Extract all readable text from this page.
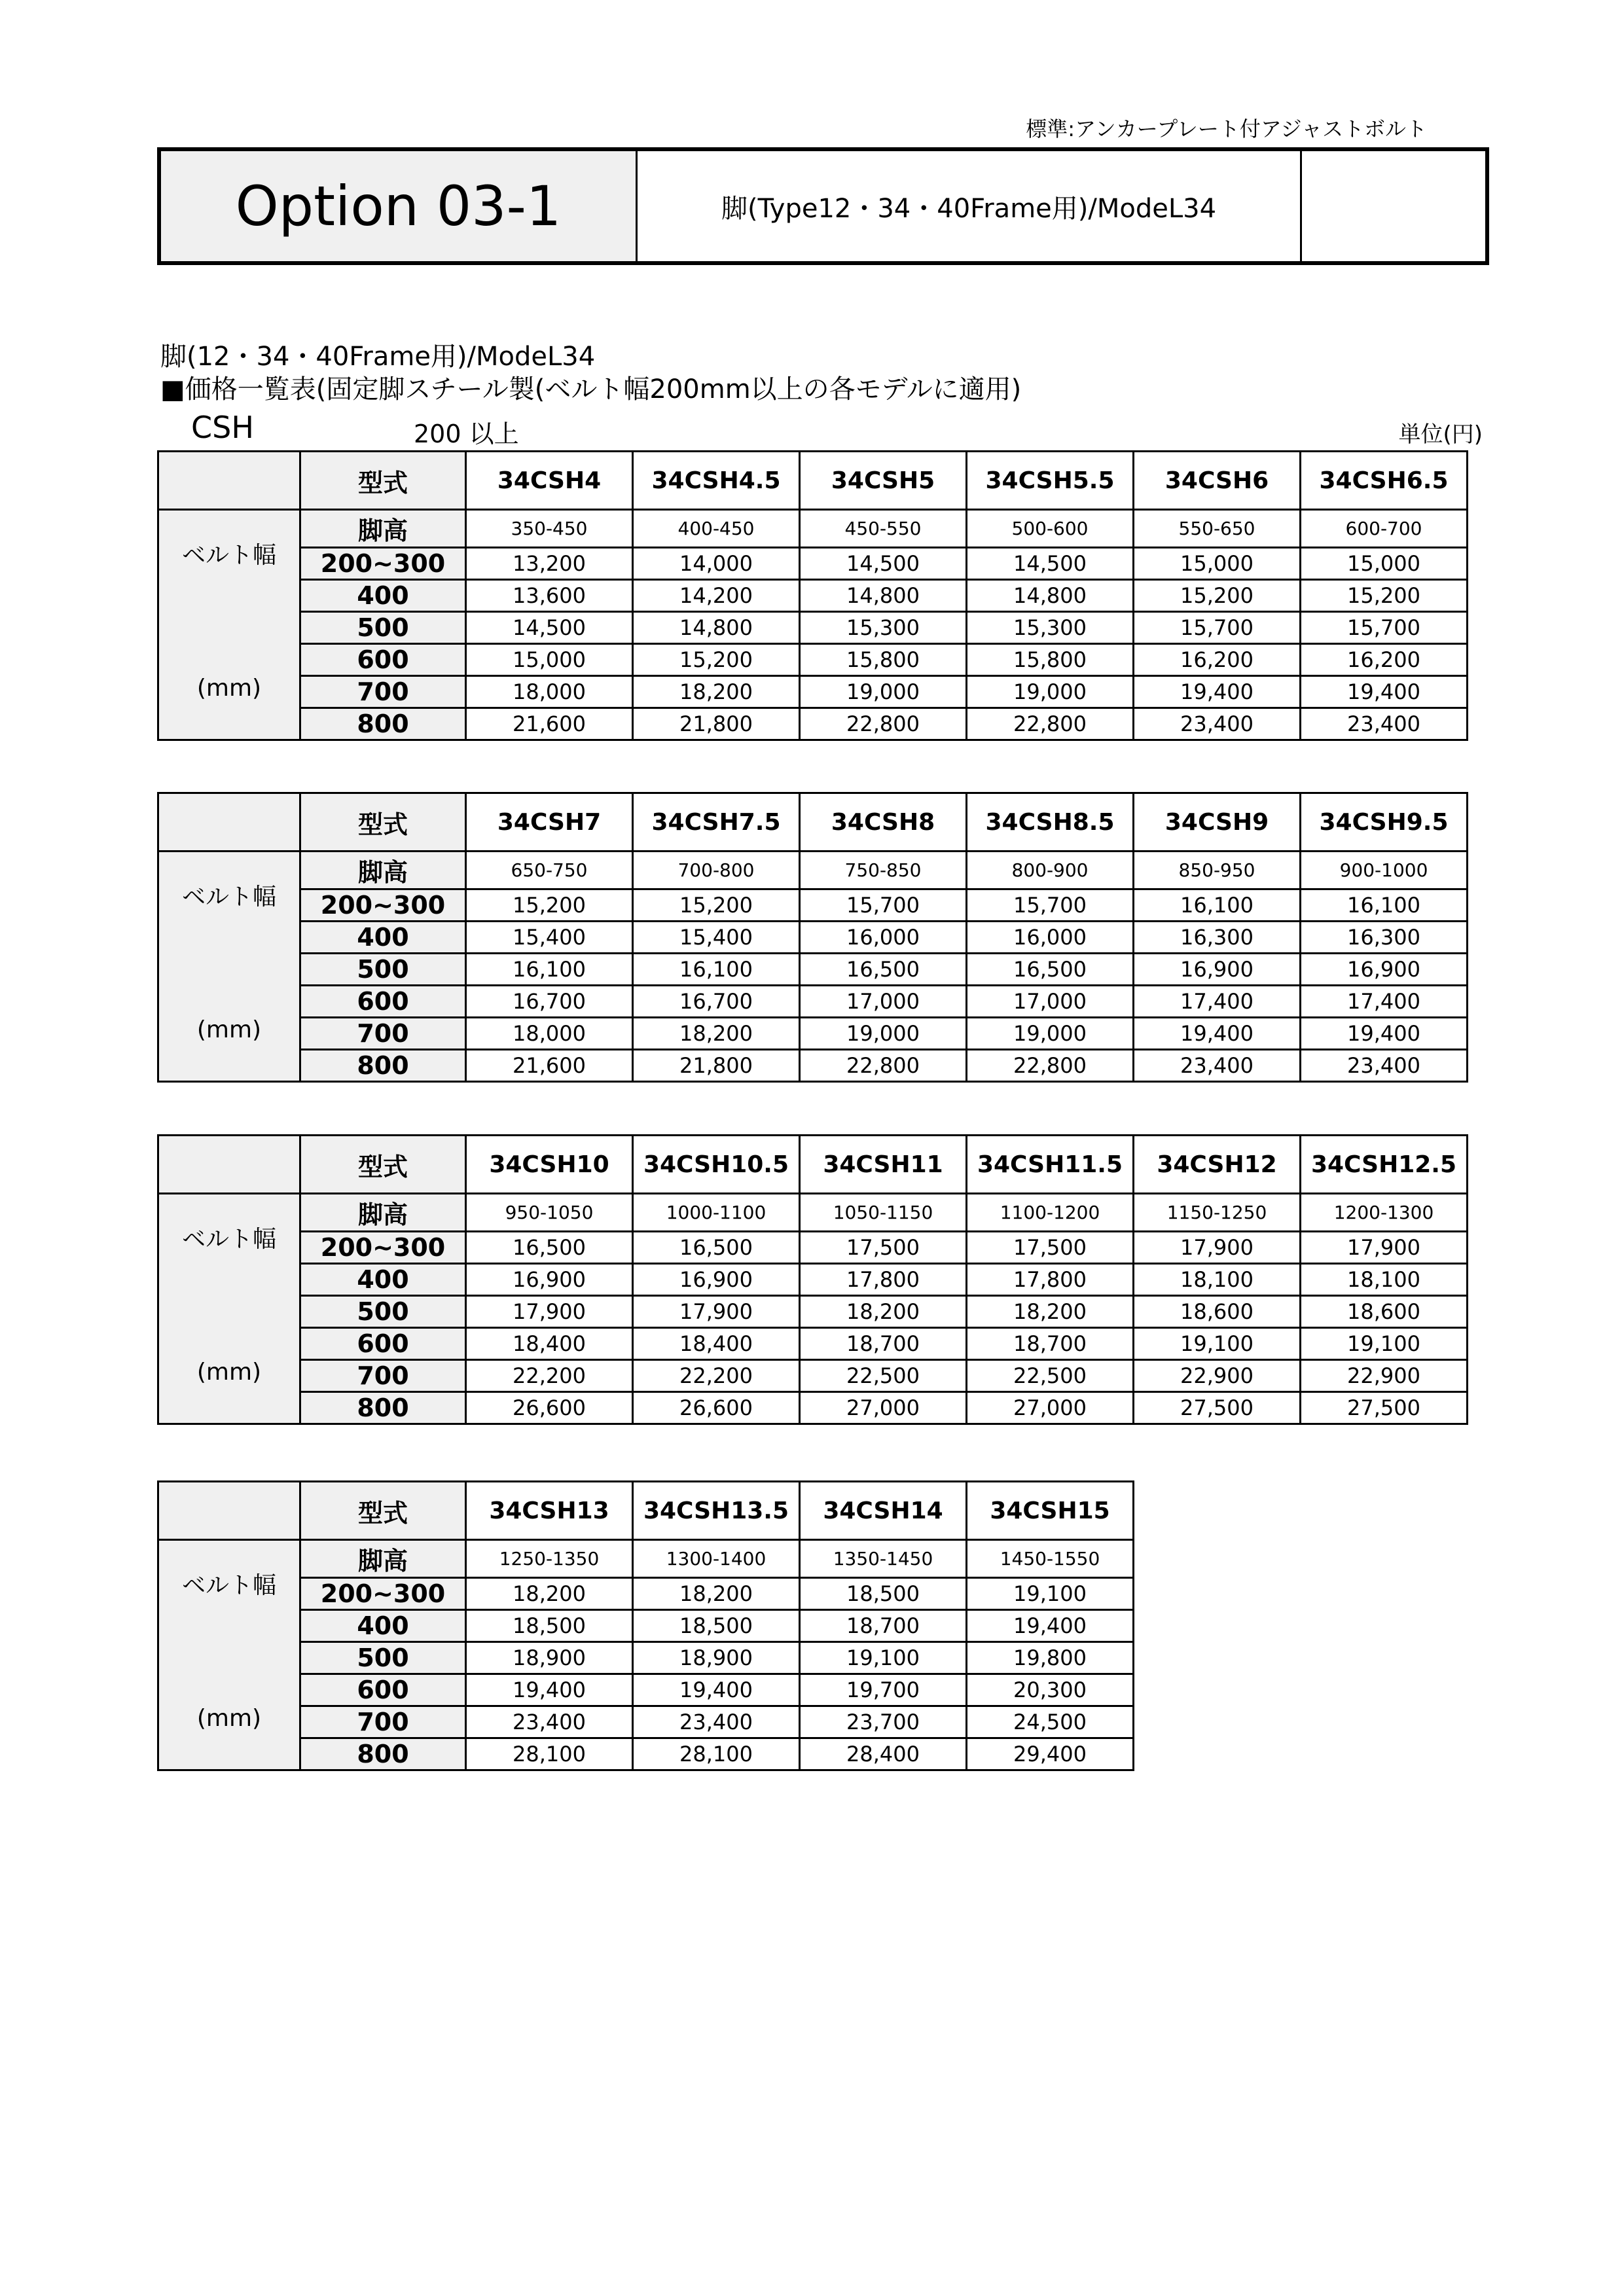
標準:アンカープレート付アジャストボルト
Option 03-1	脚(Type12・34・40Frame用)/ModeL34
脚(12・34・40Frame用)/ModeL34
■価格一覧表(固定脚スチール製(ベルト幅200mm以上の各モデルに適用)
CSH	200 以上	単位(円)
	型式	34CSH4	34CSH4.5	34CSH5	34CSH5.5	34CSH6	34CSH6.5

ベルト幅
(mm)	脚高	350-450	400-450	450-550	500-600	550-650	600-700
	200~300	13,200	14,000	14,500	14,500	15,000	15,000
	400	13,600	14,200	14,800	14,800	15,200	15,200
	500	14,500	14,800	15,300	15,300	15,700	15,700
	600	15,000	15,200	15,800	15,800	16,200	16,200
	700	18,000	18,200	19,000	19,000	19,400	19,400
	800	21,600	21,800	22,800	22,800	23,400	23,400
	型式	34CSH7	34CSH7.5	34CSH8	34CSH8.5	34CSH9	34CSH9.5

ベルト幅
(mm)	脚高	650-750	700-800	750-850	800-900	850-950	900-1000
	200~300	15,200	15,200	15,700	15,700	16,100	16,100
	400	15,400	15,400	16,000	16,000	16,300	16,300
	500	16,100	16,100	16,500	16,500	16,900	16,900
	600	16,700	16,700	17,000	17,000	17,400	17,400
	700	18,000	18,200	19,000	19,000	19,400	19,400
	800	21,600	21,800	22,800	22,800	23,400	23,400
	型式	34CSH10	34CSH10.5	34CSH11	34CSH11.5	34CSH12	34CSH12.5

ベルト幅
(mm)	脚高	950-1050	1000-1100	1050-1150	1100-1200	1150-1250	1200-1300
	200~300	16,500	16,500	17,500	17,500	17,900	17,900
	400	16,900	16,900	17,800	17,800	18,100	18,100
	500	17,900	17,900	18,200	18,200	18,600	18,600
	600	18,400	18,400	18,700	18,700	19,100	19,100
	700	22,200	22,200	22,500	22,500	22,900	22,900
	800	26,600	26,600	27,000	27,000	27,500	27,500
	型式	34CSH13	34CSH13.5	34CSH14	34CSH15

ベルト幅
(mm)	脚高	1250-1350	1300-1400	1350-1450	1450-1550
	200~300	18,200	18,200	18,500	19,100
	400	18,500	18,500	18,700	19,400
	500	18,900	18,900	19,100	19,800
	600	19,400	19,400	19,700	20,300
	700	23,400	23,400	23,700	24,500
	800	28,100	28,100	28,400	29,400
